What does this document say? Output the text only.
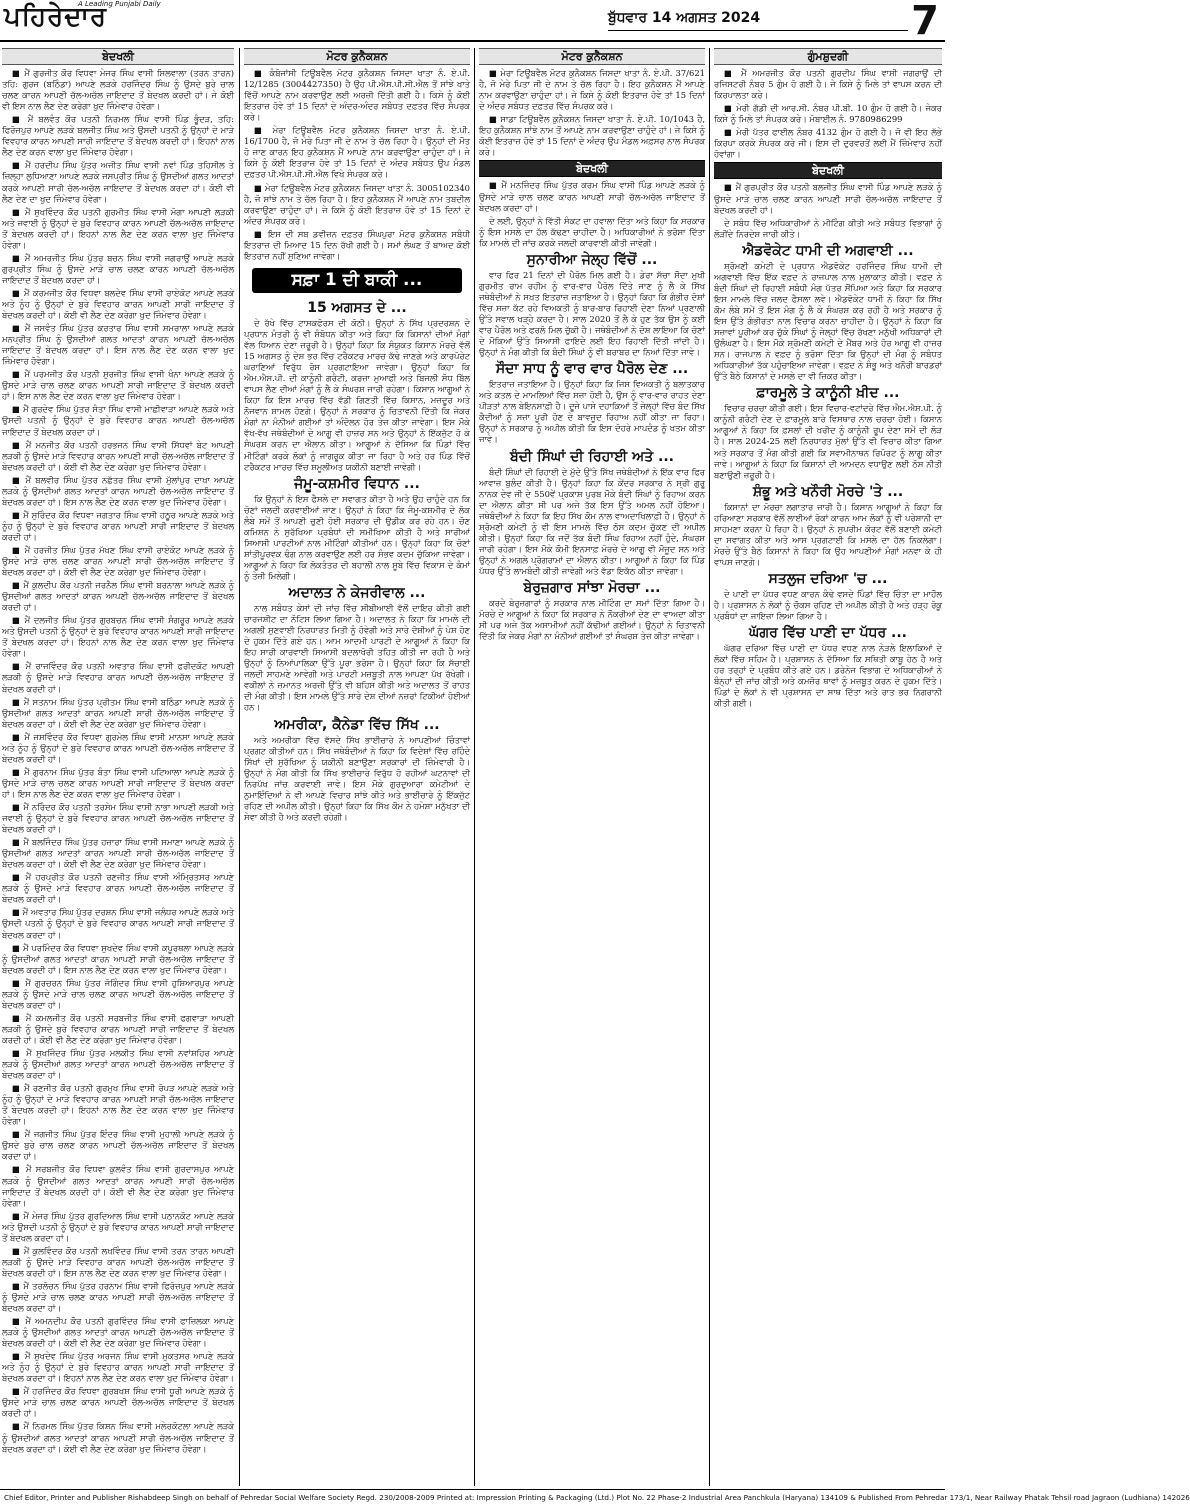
ਪਹਿਰੇਦਾਰ
A Leading Punjabi Daily
ਬੁੱਧਵਾਰ 14 ਅਗਸਤ 2024	7
ਬੇਦਖਲੀ
■ ਮੈਂ ਗੁਰਜੀਤ ਕੌਰ ਵਿਧਵਾ ਮੇਜਰ ਸਿੰਘ ਵਾਸੀ ਸਿਲਵਾਲਾ (ਤਰਨ ਤਾਰਨ) ਤਹਿ: ਗੁਰਜ (ਬਠਿੰਡਾ) ਆਪਣੇ ਲੜਕੇ ਹਰਜਿੰਦਰ ਸਿੰਘ ਨੂੰ ਉਸਦੇ ਬੁਰੇ ਚਾਲ ਚਲਣ ਕਾਰਨ ਆਪਣੀ ਚੱਲ-ਅਚੱਲ ਜਾਇਦਾਦ ਤੋਂ ਬੇਦਖਲ ਕਰਦੀ ਹਾਂ। ਜੇ ਕੋਈ ਵੀ ਇਸ ਨਾਲ ਲੈਣ ਦੇਣ ਕਰੇਗਾ ਖੁਦ ਜਿੰਮੇਵਾਰ ਹੋਵੇਗਾ।
■ ਮੈਂ ਬਲਵੰਤ ਕੌਰ ਪਤਨੀ ਨਿਰਮਲ ਸਿੰਘ ਵਾਸੀ ਪਿੰਡ ਭੂੰਦੜ, ਤਹਿ: ਫਿਰੋਜ਼ਪੁਰ ਆਪਣੇ ਲੜਕੇ ਬਲਜੀਤ ਸਿੰਘ ਅਤੇ ਉਸਦੀ ਪਤਨੀ ਨੂੰ ਉਨ੍ਹਾਂ ਦੇ ਮਾੜੇ ਵਿਵਹਾਰ ਕਾਰਨ ਆਪਣੀ ਸਾਰੀ ਜਾਇਦਾਦ ਤੋਂ ਬੇਦਖਲ ਕਰਦੀ ਹਾਂ। ਇਹਨਾਂ ਨਾਲ ਲੈਣ ਦੇਣ ਕਰਨ ਵਾਲਾ ਖੁਦ ਜਿੰਮੇਵਾਰ ਹੋਵੇਗਾ।
■ ਮੈਂ ਹਰਦੀਪ ਸਿੰਘ ਪੁੱਤਰ ਅਜੀਤ ਸਿੰਘ ਵਾਸੀ ਨਵਾਂ ਪਿੰਡ ਤਹਿਸੀਲ ਤੇ ਜ਼ਿਲ੍ਹਾ ਲੁਧਿਆਣਾ ਆਪਣੇ ਲੜਕੇ ਜਸਪ੍ਰੀਤ ਸਿੰਘ ਨੂੰ ਉਸਦੀਆਂ ਗਲਤ ਆਦਤਾਂ ਕਰਕੇ ਆਪਣੀ ਸਾਰੀ ਚੱਲ-ਅਚੱਲ ਜਾਇਦਾਦ ਤੋਂ ਬੇਦਖਲ ਕਰਦਾ ਹਾਂ। ਕੋਈ ਵੀ ਲੈਣ ਦੇਣ ਦਾ ਖੁਦ ਜਿੰਮੇਵਾਰ ਹੋਵੇਗਾ।
■ ਮੈਂ ਸੁਖਵਿੰਦਰ ਕੌਰ ਪਤਨੀ ਗੁਰਮੀਤ ਸਿੰਘ ਵਾਸੀ ਮੋਗਾ ਆਪਣੀ ਲੜਕੀ ਅਤੇ ਜਵਾਈ ਨੂੰ ਉਨ੍ਹਾਂ ਦੇ ਬੁਰੇ ਵਿਵਹਾਰ ਕਾਰਨ ਆਪਣੀ ਚੱਲ-ਅਚੱਲ ਜਾਇਦਾਦ ਤੋਂ ਬੇਦਖਲ ਕਰਦੀ ਹਾਂ। ਇਹਨਾਂ ਨਾਲ ਲੈਣ ਦੇਣ ਕਰਨ ਵਾਲਾ ਖੁਦ ਜਿੰਮੇਵਾਰ ਹੋਵੇਗਾ।
■ ਮੈਂ ਅਮਰਜੀਤ ਸਿੰਘ ਪੁੱਤਰ ਬਚਨ ਸਿੰਘ ਵਾਸੀ ਜਗਰਾਉਂ ਆਪਣੇ ਲੜਕੇ ਗੁਰਪ੍ਰੀਤ ਸਿੰਘ ਨੂੰ ਉਸਦੇ ਮਾੜੇ ਚਾਲ ਚਲਣ ਕਾਰਨ ਆਪਣੀ ਚੱਲ-ਅਚੱਲ ਜਾਇਦਾਦ ਤੋਂ ਬੇਦਖਲ ਕਰਦਾ ਹਾਂ।
■ ਮੈਂ ਕਰਮਜੀਤ ਕੌਰ ਵਿਧਵਾ ਬਲਦੇਵ ਸਿੰਘ ਵਾਸੀ ਰਾਏਕੋਟ ਆਪਣੇ ਲੜਕੇ ਅਤੇ ਨੂੰਹ ਨੂੰ ਉਨ੍ਹਾਂ ਦੇ ਬੁਰੇ ਵਿਵਹਾਰ ਕਾਰਨ ਆਪਣੀ ਸਾਰੀ ਜਾਇਦਾਦ ਤੋਂ ਬੇਦਖਲ ਕਰਦੀ ਹਾਂ। ਕੋਈ ਵੀ ਲੈਣ ਦੇਣ ਕਰੇਗਾ ਖੁਦ ਜਿੰਮੇਵਾਰ ਹੋਵੇਗਾ।
■ ਮੈਂ ਜਸਵੰਤ ਸਿੰਘ ਪੁੱਤਰ ਕਰਤਾਰ ਸਿੰਘ ਵਾਸੀ ਸਮਰਾਲਾ ਆਪਣੇ ਲੜਕੇ ਮਨਪ੍ਰੀਤ ਸਿੰਘ ਨੂੰ ਉਸਦੀਆਂ ਗਲਤ ਆਦਤਾਂ ਕਾਰਨ ਆਪਣੀ ਚੱਲ-ਅਚੱਲ ਜਾਇਦਾਦ ਤੋਂ ਬੇਦਖਲ ਕਰਦਾ ਹਾਂ। ਇਸ ਨਾਲ ਲੈਣ ਦੇਣ ਕਰਨ ਵਾਲਾ ਖੁਦ ਜਿੰਮੇਵਾਰ ਹੋਵੇਗਾ।
■ ਮੈਂ ਪਰਮਜੀਤ ਕੌਰ ਪਤਨੀ ਸੁਰਜੀਤ ਸਿੰਘ ਵਾਸੀ ਖੰਨਾ ਆਪਣੇ ਲੜਕੇ ਨੂੰ ਉਸਦੇ ਮਾੜੇ ਚਾਲ ਚਲਣ ਕਾਰਨ ਆਪਣੀ ਸਾਰੀ ਜਾਇਦਾਦ ਤੋਂ ਬੇਦਖਲ ਕਰਦੀ ਹਾਂ। ਇਸ ਨਾਲ ਲੈਣ ਦੇਣ ਕਰਨ ਵਾਲਾ ਖੁਦ ਜਿੰਮੇਵਾਰ ਹੋਵੇਗਾ।
■ ਮੈਂ ਗੁਰਦੇਵ ਸਿੰਘ ਪੁੱਤਰ ਸੰਤਾ ਸਿੰਘ ਵਾਸੀ ਮਾਛੀਵਾੜਾ ਆਪਣੇ ਲੜਕੇ ਅਤੇ ਉਸਦੀ ਪਤਨੀ ਨੂੰ ਉਨ੍ਹਾਂ ਦੇ ਬੁਰੇ ਵਿਵਹਾਰ ਕਾਰਨ ਆਪਣੀ ਚੱਲ-ਅਚੱਲ ਜਾਇਦਾਦ ਤੋਂ ਬੇਦਖਲ ਕਰਦਾ ਹਾਂ।
■ ਮੈਂ ਮਨਜੀਤ ਕੌਰ ਪਤਨੀ ਹਰਭਜਨ ਸਿੰਘ ਵਾਸੀ ਸਿੱਧਵਾਂ ਬੇਟ ਆਪਣੀ ਲੜਕੀ ਨੂੰ ਉਸਦੇ ਮਾੜੇ ਵਿਵਹਾਰ ਕਾਰਨ ਆਪਣੀ ਸਾਰੀ ਚੱਲ-ਅਚੱਲ ਜਾਇਦਾਦ ਤੋਂ ਬੇਦਖਲ ਕਰਦੀ ਹਾਂ। ਕੋਈ ਵੀ ਲੈਣ ਦੇਣ ਕਰੇਗਾ ਖੁਦ ਜਿੰਮੇਵਾਰ ਹੋਵੇਗਾ।
■ ਮੈਂ ਬਲਵੀਰ ਸਿੰਘ ਪੁੱਤਰ ਨਛੱਤਰ ਸਿੰਘ ਵਾਸੀ ਮੁੱਲਾਂਪੁਰ ਦਾਖਾ ਆਪਣੇ ਲੜਕੇ ਨੂੰ ਉਸਦੀਆਂ ਗਲਤ ਆਦਤਾਂ ਕਾਰਨ ਆਪਣੀ ਚੱਲ-ਅਚੱਲ ਜਾਇਦਾਦ ਤੋਂ ਬੇਦਖਲ ਕਰਦਾ ਹਾਂ। ਇਸ ਨਾਲ ਲੈਣ ਦੇਣ ਕਰਨ ਵਾਲਾ ਖੁਦ ਜਿੰਮੇਵਾਰ ਹੋਵੇਗਾ।
■ ਮੈਂ ਸੁਰਿੰਦਰ ਕੌਰ ਵਿਧਵਾ ਜਗਤਾਰ ਸਿੰਘ ਵਾਸੀ ਹਠੂਰ ਆਪਣੇ ਲੜਕੇ ਅਤੇ ਨੂੰਹ ਨੂੰ ਉਨ੍ਹਾਂ ਦੇ ਬੁਰੇ ਵਿਵਹਾਰ ਕਾਰਨ ਆਪਣੀ ਸਾਰੀ ਜਾਇਦਾਦ ਤੋਂ ਬੇਦਖਲ ਕਰਦੀ ਹਾਂ।
■ ਮੈਂ ਹਰਜੀਤ ਸਿੰਘ ਪੁੱਤਰ ਮੱਖਣ ਸਿੰਘ ਵਾਸੀ ਰਾਏਕੋਟ ਆਪਣੇ ਲੜਕੇ ਨੂੰ ਉਸਦੇ ਮਾੜੇ ਚਾਲ ਚਲਣ ਕਾਰਨ ਆਪਣੀ ਸਾਰੀ ਚੱਲ-ਅਚੱਲ ਜਾਇਦਾਦ ਤੋਂ ਬੇਦਖਲ ਕਰਦਾ ਹਾਂ। ਕੋਈ ਵੀ ਲੈਣ ਦੇਣ ਕਰੇਗਾ ਖੁਦ ਜਿੰਮੇਵਾਰ ਹੋਵੇਗਾ।
■ ਮੈਂ ਕੁਲਦੀਪ ਕੌਰ ਪਤਨੀ ਜਰਨੈਲ ਸਿੰਘ ਵਾਸੀ ਬਰਨਾਲਾ ਆਪਣੇ ਲੜਕੇ ਨੂੰ ਉਸਦੀਆਂ ਗਲਤ ਆਦਤਾਂ ਕਾਰਨ ਆਪਣੀ ਚੱਲ-ਅਚੱਲ ਜਾਇਦਾਦ ਤੋਂ ਬੇਦਖਲ ਕਰਦੀ ਹਾਂ।
■ ਮੈਂ ਦਲਜੀਤ ਸਿੰਘ ਪੁੱਤਰ ਗੁਰਬਚਨ ਸਿੰਘ ਵਾਸੀ ਸੰਗਰੂਰ ਆਪਣੇ ਲੜਕੇ ਅਤੇ ਉਸਦੀ ਪਤਨੀ ਨੂੰ ਉਨ੍ਹਾਂ ਦੇ ਬੁਰੇ ਵਿਵਹਾਰ ਕਾਰਨ ਆਪਣੀ ਸਾਰੀ ਜਾਇਦਾਦ ਤੋਂ ਬੇਦਖਲ ਕਰਦਾ ਹਾਂ। ਇਹਨਾਂ ਨਾਲ ਲੈਣ ਦੇਣ ਕਰਨ ਵਾਲਾ ਖੁਦ ਜਿੰਮੇਵਾਰ ਹੋਵੇਗਾ।
■ ਮੈਂ ਰਾਜਵਿੰਦਰ ਕੌਰ ਪਤਨੀ ਅਵਤਾਰ ਸਿੰਘ ਵਾਸੀ ਫਰੀਦਕੋਟ ਆਪਣੀ ਲੜਕੀ ਨੂੰ ਉਸਦੇ ਮਾੜੇ ਵਿਵਹਾਰ ਕਾਰਨ ਆਪਣੀ ਚੱਲ-ਅਚੱਲ ਜਾਇਦਾਦ ਤੋਂ ਬੇਦਖਲ ਕਰਦੀ ਹਾਂ।
■ ਮੈਂ ਸਤਨਾਮ ਸਿੰਘ ਪੁੱਤਰ ਪ੍ਰੀਤਮ ਸਿੰਘ ਵਾਸੀ ਬਠਿੰਡਾ ਆਪਣੇ ਲੜਕੇ ਨੂੰ ਉਸਦੀਆਂ ਗਲਤ ਆਦਤਾਂ ਕਾਰਨ ਆਪਣੀ ਸਾਰੀ ਚੱਲ-ਅਚੱਲ ਜਾਇਦਾਦ ਤੋਂ ਬੇਦਖਲ ਕਰਦਾ ਹਾਂ। ਕੋਈ ਵੀ ਲੈਣ ਦੇਣ ਕਰੇਗਾ ਖੁਦ ਜਿੰਮੇਵਾਰ ਹੋਵੇਗਾ।
■ ਮੈਂ ਜਸਵਿੰਦਰ ਕੌਰ ਵਿਧਵਾ ਗੁਰਮੇਲ ਸਿੰਘ ਵਾਸੀ ਮਾਨਸਾ ਆਪਣੇ ਲੜਕੇ ਅਤੇ ਨੂੰਹ ਨੂੰ ਉਨ੍ਹਾਂ ਦੇ ਬੁਰੇ ਵਿਵਹਾਰ ਕਾਰਨ ਆਪਣੀ ਚੱਲ-ਅਚੱਲ ਜਾਇਦਾਦ ਤੋਂ ਬੇਦਖਲ ਕਰਦੀ ਹਾਂ।
■ ਮੈਂ ਗੁਰਨਾਮ ਸਿੰਘ ਪੁੱਤਰ ਬੰਤਾ ਸਿੰਘ ਵਾਸੀ ਪਟਿਆਲਾ ਆਪਣੇ ਲੜਕੇ ਨੂੰ ਉਸਦੇ ਮਾੜੇ ਚਾਲ ਚਲਣ ਕਾਰਨ ਆਪਣੀ ਸਾਰੀ ਜਾਇਦਾਦ ਤੋਂ ਬੇਦਖਲ ਕਰਦਾ ਹਾਂ। ਇਸ ਨਾਲ ਲੈਣ ਦੇਣ ਕਰਨ ਵਾਲਾ ਖੁਦ ਜਿੰਮੇਵਾਰ ਹੋਵੇਗਾ।
■ ਮੈਂ ਨਰਿੰਦਰ ਕੌਰ ਪਤਨੀ ਤਰਸੇਮ ਸਿੰਘ ਵਾਸੀ ਨਾਭਾ ਆਪਣੀ ਲੜਕੀ ਅਤੇ ਜਵਾਈ ਨੂੰ ਉਨ੍ਹਾਂ ਦੇ ਬੁਰੇ ਵਿਵਹਾਰ ਕਾਰਨ ਆਪਣੀ ਚੱਲ-ਅਚੱਲ ਜਾਇਦਾਦ ਤੋਂ ਬੇਦਖਲ ਕਰਦੀ ਹਾਂ।
■ ਮੈਂ ਬਲਜਿੰਦਰ ਸਿੰਘ ਪੁੱਤਰ ਹਜ਼ਾਰਾ ਸਿੰਘ ਵਾਸੀ ਸਮਾਣਾ ਆਪਣੇ ਲੜਕੇ ਨੂੰ ਉਸਦੀਆਂ ਗਲਤ ਆਦਤਾਂ ਕਾਰਨ ਆਪਣੀ ਸਾਰੀ ਚੱਲ-ਅਚੱਲ ਜਾਇਦਾਦ ਤੋਂ ਬੇਦਖਲ ਕਰਦਾ ਹਾਂ। ਕੋਈ ਵੀ ਲੈਣ ਦੇਣ ਕਰੇਗਾ ਖੁਦ ਜਿੰਮੇਵਾਰ ਹੋਵੇਗਾ।
■ ਮੈਂ ਹਰਪ੍ਰੀਤ ਕੌਰ ਪਤਨੀ ਰਣਜੀਤ ਸਿੰਘ ਵਾਸੀ ਅੰਮ੍ਰਿਤਸਰ ਆਪਣੇ ਲੜਕੇ ਨੂੰ ਉਸਦੇ ਮਾੜੇ ਵਿਵਹਾਰ ਕਾਰਨ ਆਪਣੀ ਚੱਲ-ਅਚੱਲ ਜਾਇਦਾਦ ਤੋਂ ਬੇਦਖਲ ਕਰਦੀ ਹਾਂ।
■ ਮੈਂ ਅਵਤਾਰ ਸਿੰਘ ਪੁੱਤਰ ਦਰਸ਼ਨ ਸਿੰਘ ਵਾਸੀ ਜਲੰਧਰ ਆਪਣੇ ਲੜਕੇ ਅਤੇ ਉਸਦੀ ਪਤਨੀ ਨੂੰ ਉਨ੍ਹਾਂ ਦੇ ਬੁਰੇ ਵਿਵਹਾਰ ਕਾਰਨ ਆਪਣੀ ਸਾਰੀ ਜਾਇਦਾਦ ਤੋਂ ਬੇਦਖਲ ਕਰਦਾ ਹਾਂ।
■ ਮੈਂ ਪਰਮਿੰਦਰ ਕੌਰ ਵਿਧਵਾ ਸੁਖਦੇਵ ਸਿੰਘ ਵਾਸੀ ਕਪੂਰਥਲਾ ਆਪਣੇ ਲੜਕੇ ਨੂੰ ਉਸਦੀਆਂ ਗਲਤ ਆਦਤਾਂ ਕਾਰਨ ਆਪਣੀ ਸਾਰੀ ਚੱਲ-ਅਚੱਲ ਜਾਇਦਾਦ ਤੋਂ ਬੇਦਖਲ ਕਰਦੀ ਹਾਂ। ਇਸ ਨਾਲ ਲੈਣ ਦੇਣ ਕਰਨ ਵਾਲਾ ਖੁਦ ਜਿੰਮੇਵਾਰ ਹੋਵੇਗਾ।
■ ਮੈਂ ਗੁਰਚਰਨ ਸਿੰਘ ਪੁੱਤਰ ਜੋਗਿੰਦਰ ਸਿੰਘ ਵਾਸੀ ਹੁਸ਼ਿਆਰਪੁਰ ਆਪਣੇ ਲੜਕੇ ਨੂੰ ਉਸਦੇ ਮਾੜੇ ਚਾਲ ਚਲਣ ਕਾਰਨ ਆਪਣੀ ਚੱਲ-ਅਚੱਲ ਜਾਇਦਾਦ ਤੋਂ ਬੇਦਖਲ ਕਰਦਾ ਹਾਂ।
■ ਮੈਂ ਕਮਲਜੀਤ ਕੌਰ ਪਤਨੀ ਸਰਬਜੀਤ ਸਿੰਘ ਵਾਸੀ ਫਗਵਾੜਾ ਆਪਣੀ ਲੜਕੀ ਨੂੰ ਉਸਦੇ ਬੁਰੇ ਵਿਵਹਾਰ ਕਾਰਨ ਆਪਣੀ ਸਾਰੀ ਜਾਇਦਾਦ ਤੋਂ ਬੇਦਖਲ ਕਰਦੀ ਹਾਂ। ਕੋਈ ਵੀ ਲੈਣ ਦੇਣ ਕਰੇਗਾ ਖੁਦ ਜਿੰਮੇਵਾਰ ਹੋਵੇਗਾ।
■ ਮੈਂ ਸੁਖਜਿੰਦਰ ਸਿੰਘ ਪੁੱਤਰ ਮਲਕੀਤ ਸਿੰਘ ਵਾਸੀ ਨਵਾਂਸ਼ਹਿਰ ਆਪਣੇ ਲੜਕੇ ਨੂੰ ਉਸਦੀਆਂ ਗਲਤ ਆਦਤਾਂ ਕਾਰਨ ਆਪਣੀ ਚੱਲ-ਅਚੱਲ ਜਾਇਦਾਦ ਤੋਂ ਬੇਦਖਲ ਕਰਦਾ ਹਾਂ।
■ ਮੈਂ ਰਣਜੀਤ ਕੌਰ ਪਤਨੀ ਗੁਰਮੁਖ ਸਿੰਘ ਵਾਸੀ ਰੋਪੜ ਆਪਣੇ ਲੜਕੇ ਅਤੇ ਨੂੰਹ ਨੂੰ ਉਨ੍ਹਾਂ ਦੇ ਮਾੜੇ ਵਿਵਹਾਰ ਕਾਰਨ ਆਪਣੀ ਸਾਰੀ ਚੱਲ-ਅਚੱਲ ਜਾਇਦਾਦ ਤੋਂ ਬੇਦਖਲ ਕਰਦੀ ਹਾਂ। ਇਹਨਾਂ ਨਾਲ ਲੈਣ ਦੇਣ ਕਰਨ ਵਾਲਾ ਖੁਦ ਜਿੰਮੇਵਾਰ ਹੋਵੇਗਾ।
■ ਮੈਂ ਜਗਜੀਤ ਸਿੰਘ ਪੁੱਤਰ ਇੰਦਰ ਸਿੰਘ ਵਾਸੀ ਮੁਹਾਲੀ ਆਪਣੇ ਲੜਕੇ ਨੂੰ ਉਸਦੇ ਬੁਰੇ ਚਾਲ ਚਲਣ ਕਾਰਨ ਆਪਣੀ ਚੱਲ-ਅਚੱਲ ਜਾਇਦਾਦ ਤੋਂ ਬੇਦਖਲ ਕਰਦਾ ਹਾਂ।
■ ਮੈਂ ਸਰਬਜੀਤ ਕੌਰ ਵਿਧਵਾ ਕੁਲਵੰਤ ਸਿੰਘ ਵਾਸੀ ਗੁਰਦਾਸਪੁਰ ਆਪਣੇ ਲੜਕੇ ਨੂੰ ਉਸਦੀਆਂ ਗਲਤ ਆਦਤਾਂ ਕਾਰਨ ਆਪਣੀ ਸਾਰੀ ਚੱਲ-ਅਚੱਲ ਜਾਇਦਾਦ ਤੋਂ ਬੇਦਖਲ ਕਰਦੀ ਹਾਂ। ਕੋਈ ਵੀ ਲੈਣ ਦੇਣ ਕਰੇਗਾ ਖੁਦ ਜਿੰਮੇਵਾਰ ਹੋਵੇਗਾ।
■ ਮੈਂ ਮੇਜਰ ਸਿੰਘ ਪੁੱਤਰ ਗੁਰਦਿਆਲ ਸਿੰਘ ਵਾਸੀ ਪਠਾਨਕੋਟ ਆਪਣੇ ਲੜਕੇ ਅਤੇ ਉਸਦੀ ਪਤਨੀ ਨੂੰ ਉਨ੍ਹਾਂ ਦੇ ਬੁਰੇ ਵਿਵਹਾਰ ਕਾਰਨ ਆਪਣੀ ਸਾਰੀ ਜਾਇਦਾਦ ਤੋਂ ਬੇਦਖਲ ਕਰਦਾ ਹਾਂ।
■ ਮੈਂ ਕੁਲਵਿੰਦਰ ਕੌਰ ਪਤਨੀ ਲਖਵਿੰਦਰ ਸਿੰਘ ਵਾਸੀ ਤਰਨ ਤਾਰਨ ਆਪਣੀ ਲੜਕੀ ਨੂੰ ਉਸਦੇ ਮਾੜੇ ਵਿਵਹਾਰ ਕਾਰਨ ਆਪਣੀ ਚੱਲ-ਅਚੱਲ ਜਾਇਦਾਦ ਤੋਂ ਬੇਦਖਲ ਕਰਦੀ ਹਾਂ। ਇਸ ਨਾਲ ਲੈਣ ਦੇਣ ਕਰਨ ਵਾਲਾ ਖੁਦ ਜਿੰਮੇਵਾਰ ਹੋਵੇਗਾ।
■ ਮੈਂ ਤਰਲੋਚਨ ਸਿੰਘ ਪੁੱਤਰ ਹਰਨਾਮ ਸਿੰਘ ਵਾਸੀ ਫਿਰੋਜ਼ਪੁਰ ਆਪਣੇ ਲੜਕੇ ਨੂੰ ਉਸਦੇ ਮਾੜੇ ਚਾਲ ਚਲਣ ਕਾਰਨ ਆਪਣੀ ਸਾਰੀ ਚੱਲ-ਅਚੱਲ ਜਾਇਦਾਦ ਤੋਂ ਬੇਦਖਲ ਕਰਦਾ ਹਾਂ।
■ ਮੈਂ ਅਮਨਦੀਪ ਕੌਰ ਪਤਨੀ ਗੁਰਵਿੰਦਰ ਸਿੰਘ ਵਾਸੀ ਫਾਜ਼ਿਲਕਾ ਆਪਣੇ ਲੜਕੇ ਨੂੰ ਉਸਦੀਆਂ ਗਲਤ ਆਦਤਾਂ ਕਾਰਨ ਆਪਣੀ ਚੱਲ-ਅਚੱਲ ਜਾਇਦਾਦ ਤੋਂ ਬੇਦਖਲ ਕਰਦੀ ਹਾਂ। ਕੋਈ ਵੀ ਲੈਣ ਦੇਣ ਕਰੇਗਾ ਖੁਦ ਜਿੰਮੇਵਾਰ ਹੋਵੇਗਾ।
■ ਮੈਂ ਸੁਖਦੇਵ ਸਿੰਘ ਪੁੱਤਰ ਅਰਜਨ ਸਿੰਘ ਵਾਸੀ ਮੁਕਤਸਰ ਆਪਣੇ ਲੜਕੇ ਅਤੇ ਨੂੰਹ ਨੂੰ ਉਨ੍ਹਾਂ ਦੇ ਬੁਰੇ ਵਿਵਹਾਰ ਕਾਰਨ ਆਪਣੀ ਸਾਰੀ ਜਾਇਦਾਦ ਤੋਂ ਬੇਦਖਲ ਕਰਦਾ ਹਾਂ। ਇਹਨਾਂ ਨਾਲ ਲੈਣ ਦੇਣ ਕਰਨ ਵਾਲਾ ਖੁਦ ਜਿੰਮੇਵਾਰ ਹੋਵੇਗਾ।
■ ਮੈਂ ਹਰਜਿੰਦਰ ਕੌਰ ਵਿਧਵਾ ਗੁਰਬਖਸ਼ ਸਿੰਘ ਵਾਸੀ ਧੂਰੀ ਆਪਣੇ ਲੜਕੇ ਨੂੰ ਉਸਦੇ ਮਾੜੇ ਚਾਲ ਚਲਣ ਕਾਰਨ ਆਪਣੀ ਚੱਲ-ਅਚੱਲ ਜਾਇਦਾਦ ਤੋਂ ਬੇਦਖਲ ਕਰਦੀ ਹਾਂ।
■ ਮੈਂ ਨਿਰਮਲ ਸਿੰਘ ਪੁੱਤਰ ਕਿਸ਼ਨ ਸਿੰਘ ਵਾਸੀ ਮਲੇਰਕੋਟਲਾ ਆਪਣੇ ਲੜਕੇ ਨੂੰ ਉਸਦੀਆਂ ਗਲਤ ਆਦਤਾਂ ਕਾਰਨ ਆਪਣੀ ਸਾਰੀ ਚੱਲ-ਅਚੱਲ ਜਾਇਦਾਦ ਤੋਂ ਬੇਦਖਲ ਕਰਦਾ ਹਾਂ। ਕੋਈ ਵੀ ਲੈਣ ਦੇਣ ਕਰੇਗਾ ਖੁਦ ਜਿੰਮੇਵਾਰ ਹੋਵੇਗਾ।
ਮੋਟਰ ਕੁਨੈਕਸ਼ਨ
■ ਕੰਬੋਜਾਂਸੀ ਟਿਊਬਵੈਲ ਮੋਟਰ ਕੁਨੈਕਸ਼ਨ ਜਿਸਦਾ ਖਾਤਾ ਨੰ. ਏ.ਪੀ. 12/1285 (3004427350) ਹੈ ਉਹ ਪੀ.ਐਸ.ਪੀ.ਸੀ.ਐਲ ਤੋਂ ਸਾਂਝੇ ਖਾਤੇ ਵਿੱਚੋਂ ਆਪਣੇ ਨਾਮ ਕਰਵਾਉਣ ਲਈ ਅਰਜ਼ੀ ਦਿੱਤੀ ਗਈ ਹੈ। ਕਿਸੇ ਨੂੰ ਕੋਈ ਇਤਰਾਜ਼ ਹੋਵੇ ਤਾਂ 15 ਦਿਨਾਂ ਦੇ ਅੰਦਰ-ਅੰਦਰ ਸਬੰਧਤ ਦਫ਼ਤਰ ਵਿੱਚ ਸੰਪਰਕ ਕਰੇ।
■ ਮੇਰਾ ਟਿਊਬਵੈਲ ਮੋਟਰ ਕੁਨੈਕਸ਼ਨ ਜਿਸਦਾ ਖਾਤਾ ਨੰ. ਏ.ਪੀ. 16/1700 ਹੈ, ਜੋ ਮੇਰੇ ਪਿਤਾ ਜੀ ਦੇ ਨਾਮ ਤੇ ਚੱਲ ਰਿਹਾ ਹੈ। ਉਨ੍ਹਾਂ ਦੀ ਮੌਤ ਹੋ ਜਾਣ ਕਾਰਨ ਇਹ ਕੁਨੈਕਸ਼ਨ ਮੈਂ ਆਪਣੇ ਨਾਮ ਕਰਵਾਉਣਾ ਚਾਹੁੰਦਾ ਹਾਂ। ਜੇ ਕਿਸੇ ਨੂੰ ਕੋਈ ਇਤਰਾਜ਼ ਹੋਵੇ ਤਾਂ 15 ਦਿਨਾਂ ਦੇ ਅੰਦਰ ਸਬੰਧਤ ਉਪ ਮੰਡਲ ਦਫ਼ਤਰ ਪੀ.ਐਸ.ਪੀ.ਸੀ.ਐਲ ਵਿਖੇ ਸੰਪਰਕ ਕਰੇ।
■ ਮੇਰਾ ਟਿਊਬਵੈਲ ਮੋਟਰ ਕੁਨੈਕਸ਼ਨ ਜਿਸਦਾ ਖਾਤਾ ਨੰ. 3005102340 ਹੈ, ਜੋ ਸਾਂਝੇ ਨਾਮ ਤੇ ਚੱਲ ਰਿਹਾ ਹੈ। ਇਹ ਕੁਨੈਕਸ਼ਨ ਮੈਂ ਆਪਣੇ ਨਾਮ ਤਬਦੀਲ ਕਰਵਾਉਣਾ ਚਾਹੁੰਦਾ ਹਾਂ। ਜੇ ਕਿਸੇ ਨੂੰ ਕੋਈ ਇਤਰਾਜ਼ ਹੋਵੇ ਤਾਂ 15 ਦਿਨਾਂ ਦੇ ਅੰਦਰ ਸੰਪਰਕ ਕਰੇ।
■ ਇਸ ਦੀ ਸਬ ਡਵੀਜ਼ਨ ਦਫ਼ਤਰ ਸਿੰਘਪੁਰਾ ਮੋਟਰ ਕੁਨੈਕਸ਼ਨ ਸਬੰਧੀ ਇਤਰਾਜ਼ ਦੀ ਮਿਆਦ 15 ਦਿਨ ਰੱਖੀ ਗਈ ਹੈ। ਸਮਾਂ ਲੰਘਣ ਤੋਂ ਬਾਅਦ ਕੋਈ ਇਤਰਾਜ਼ ਨਹੀਂ ਸੁਣਿਆ ਜਾਵੇਗਾ।
ਸਫ਼ਾ 1 ਦੀ ਬਾਕੀ ...
15 ਅਗਸਤ ਦੇ ...
ਦੇ ਰੱਖੇ ਵਿੱਚ ਟਾਸਕਫੋਰਸ ਦੀ ਕੋਠੀ। ਉਨ੍ਹਾਂ ਨੇ ਸਿੱਖ ਪ੍ਰਦਰਸ਼ਨ ਦੇ ਪ੍ਰਧਾਨ ਮੰਤਰੀ ਨੂੰ ਵੀ ਸੰਬੋਧਨ ਕੀਤਾ ਅਤੇ ਕਿਹਾ ਕਿ ਕਿਸਾਨਾਂ ਦੀਆਂ ਮੰਗਾਂ ਵੱਲ ਧਿਆਨ ਦੇਣਾ ਜ਼ਰੂਰੀ ਹੈ। ਉਨ੍ਹਾਂ ਕਿਹਾ ਕਿ ਸੰਯੁਕਤ ਕਿਸਾਨ ਮੋਰਚੇ ਵੱਲੋਂ 15 ਅਗਸਤ ਨੂੰ ਦੇਸ਼ ਭਰ ਵਿੱਚ ਟਰੈਕਟਰ ਮਾਰਚ ਕੱਢੇ ਜਾਣਗੇ ਅਤੇ ਕਾਰਪੋਰੇਟ ਘਰਾਣਿਆਂ ਵਿਰੁੱਧ ਰੋਸ ਪ੍ਰਗਟਾਇਆ ਜਾਵੇਗਾ। ਉਨ੍ਹਾਂ ਕਿਹਾ ਕਿ ਐਮ.ਐਸ.ਪੀ. ਦੀ ਕਾਨੂੰਨੀ ਗਰੰਟੀ, ਕਰਜ਼ਾ ਮੁਆਫੀ ਅਤੇ ਬਿਜਲੀ ਸੋਧ ਬਿੱਲ ਵਾਪਸ ਲੈਣ ਦੀਆਂ ਮੰਗਾਂ ਨੂੰ ਲੈ ਕੇ ਸੰਘਰਸ਼ ਜਾਰੀ ਰਹੇਗਾ। ਕਿਸਾਨ ਆਗੂਆਂ ਨੇ ਕਿਹਾ ਕਿ ਇਸ ਮਾਰਚ ਵਿੱਚ ਵੱਡੀ ਗਿਣਤੀ ਵਿੱਚ ਕਿਸਾਨ, ਮਜ਼ਦੂਰ ਅਤੇ ਨੌਜਵਾਨ ਸ਼ਾਮਲ ਹੋਣਗੇ। ਉਨ੍ਹਾਂ ਨੇ ਸਰਕਾਰ ਨੂੰ ਚਿਤਾਵਨੀ ਦਿੱਤੀ ਕਿ ਜੇਕਰ ਮੰਗਾਂ ਨਾ ਮੰਨੀਆਂ ਗਈਆਂ ਤਾਂ ਅੰਦੋਲਨ ਹੋਰ ਤੇਜ਼ ਕੀਤਾ ਜਾਵੇਗਾ। ਇਸ ਮੌਕੇ ਵੱਖ-ਵੱਖ ਜਥੇਬੰਦੀਆਂ ਦੇ ਆਗੂ ਵੀ ਹਾਜ਼ਰ ਸਨ ਅਤੇ ਉਨ੍ਹਾਂ ਨੇ ਇੱਕਜੁੱਟ ਹੋ ਕੇ ਸੰਘਰਸ਼ ਕਰਨ ਦਾ ਐਲਾਨ ਕੀਤਾ। ਆਗੂਆਂ ਨੇ ਦੱਸਿਆ ਕਿ ਪਿੰਡਾਂ ਵਿੱਚ ਮੀਟਿੰਗਾਂ ਕਰਕੇ ਲੋਕਾਂ ਨੂੰ ਜਾਗਰੂਕ ਕੀਤਾ ਜਾ ਰਿਹਾ ਹੈ ਅਤੇ ਹਰ ਪਿੰਡ ਵਿੱਚੋਂ ਟਰੈਕਟਰ ਮਾਰਚ ਵਿੱਚ ਸ਼ਮੂਲੀਅਤ ਯਕੀਨੀ ਬਣਾਈ ਜਾਵੇਗੀ।
ਜੰਮੂ-ਕਸ਼ਮੀਰ ਵਿਧਾਨ ...
ਕਿ ਉਨ੍ਹਾਂ ਨੇ ਇਸ ਫੈਸਲੇ ਦਾ ਸਵਾਗਤ ਕੀਤਾ ਹੈ ਅਤੇ ਉਹ ਚਾਹੁੰਦੇ ਹਨ ਕਿ ਚੋਣਾਂ ਜਲਦੀ ਕਰਵਾਈਆਂ ਜਾਣ। ਉਨ੍ਹਾਂ ਨੇ ਕਿਹਾ ਕਿ ਜੰਮੂ-ਕਸ਼ਮੀਰ ਦੇ ਲੋਕ ਲੰਬੇ ਸਮੇਂ ਤੋਂ ਆਪਣੀ ਚੁਣੀ ਹੋਈ ਸਰਕਾਰ ਦੀ ਉਡੀਕ ਕਰ ਰਹੇ ਹਨ। ਚੋਣ ਕਮਿਸ਼ਨ ਨੇ ਸੁਰੱਖਿਆ ਪ੍ਰਬੰਧਾਂ ਦੀ ਸਮੀਖਿਆ ਕੀਤੀ ਹੈ ਅਤੇ ਸਾਰੀਆਂ ਸਿਆਸੀ ਪਾਰਟੀਆਂ ਨਾਲ ਮੀਟਿੰਗਾਂ ਕੀਤੀਆਂ ਹਨ। ਉਨ੍ਹਾਂ ਕਿਹਾ ਕਿ ਚੋਣਾਂ ਸ਼ਾਂਤੀਪੂਰਵਕ ਢੰਗ ਨਾਲ ਕਰਵਾਉਣ ਲਈ ਹਰ ਸੰਭਵ ਕਦਮ ਚੁੱਕਿਆ ਜਾਵੇਗਾ। ਆਗੂਆਂ ਨੇ ਕਿਹਾ ਕਿ ਲੋਕਤੰਤਰ ਦੀ ਬਹਾਲੀ ਨਾਲ ਸੂਬੇ ਵਿੱਚ ਵਿਕਾਸ ਦੇ ਕੰਮਾਂ ਨੂੰ ਤੇਜ਼ੀ ਮਿਲੇਗੀ।
ਅਦਾਲਤ ਨੇ ਕੇਜਰੀਵਾਲ ...
ਨਾਲ ਸਬੰਧਤ ਕੇਸਾਂ ਦੀ ਜਾਂਚ ਵਿੱਚ ਸੀਬੀਆਈ ਵੱਲੋਂ ਦਾਇਰ ਕੀਤੀ ਗਈ ਚਾਰਜਸ਼ੀਟ ਦਾ ਨੋਟਿਸ ਲਿਆ ਗਿਆ ਹੈ। ਅਦਾਲਤ ਨੇ ਕਿਹਾ ਕਿ ਮਾਮਲੇ ਦੀ ਅਗਲੀ ਸੁਣਵਾਈ ਨਿਰਧਾਰਤ ਮਿਤੀ ਨੂੰ ਹੋਵੇਗੀ ਅਤੇ ਸਾਰੇ ਦੋਸ਼ੀਆਂ ਨੂੰ ਪੇਸ਼ ਹੋਣ ਦੇ ਹੁਕਮ ਦਿੱਤੇ ਗਏ ਹਨ। ਆਮ ਆਦਮੀ ਪਾਰਟੀ ਦੇ ਆਗੂਆਂ ਨੇ ਕਿਹਾ ਕਿ ਇਹ ਸਾਰੀ ਕਾਰਵਾਈ ਸਿਆਸੀ ਬਦਲਾਖੋਰੀ ਤਹਿਤ ਕੀਤੀ ਜਾ ਰਹੀ ਹੈ ਅਤੇ ਉਨ੍ਹਾਂ ਨੂੰ ਨਿਆਂਪਾਲਿਕਾ ਉੱਤੇ ਪੂਰਾ ਭਰੋਸਾ ਹੈ। ਉਨ੍ਹਾਂ ਕਿਹਾ ਕਿ ਸੱਚਾਈ ਜਲਦੀ ਸਾਹਮਣੇ ਆਵੇਗੀ ਅਤੇ ਪਾਰਟੀ ਮਜ਼ਬੂਤੀ ਨਾਲ ਆਪਣਾ ਪੱਖ ਰੱਖੇਗੀ। ਵਕੀਲਾਂ ਨੇ ਜ਼ਮਾਨਤ ਅਰਜ਼ੀ ਉੱਤੇ ਵੀ ਬਹਿਸ ਕੀਤੀ ਅਤੇ ਅਦਾਲਤ ਤੋਂ ਰਾਹਤ ਦੀ ਮੰਗ ਕੀਤੀ। ਇਸ ਮਾਮਲੇ ਉੱਤੇ ਸਾਰੇ ਦੇਸ਼ ਦੀਆਂ ਨਜ਼ਰਾਂ ਟਿਕੀਆਂ ਹੋਈਆਂ ਹਨ।
ਅਮਰੀਕਾ, ਕੈਨੇਡਾ ਵਿੱਚ ਸਿੱਖ ...
ਅਤੇ ਅਮਰੀਕਾ ਵਿੱਚ ਵੱਸਦੇ ਸਿੱਖ ਭਾਈਚਾਰੇ ਨੇ ਆਪਣੀਆਂ ਚਿੰਤਾਵਾਂ ਪ੍ਰਗਟ ਕੀਤੀਆਂ ਹਨ। ਸਿੱਖ ਜਥੇਬੰਦੀਆਂ ਨੇ ਕਿਹਾ ਕਿ ਵਿਦੇਸ਼ਾਂ ਵਿੱਚ ਰਹਿੰਦੇ ਸਿੱਖਾਂ ਦੀ ਸੁਰੱਖਿਆ ਨੂੰ ਯਕੀਨੀ ਬਣਾਉਣਾ ਸਰਕਾਰਾਂ ਦੀ ਜ਼ਿੰਮੇਵਾਰੀ ਹੈ। ਉਨ੍ਹਾਂ ਨੇ ਮੰਗ ਕੀਤੀ ਕਿ ਸਿੱਖ ਭਾਈਚਾਰੇ ਵਿਰੁੱਧ ਹੋ ਰਹੀਆਂ ਘਟਨਾਵਾਂ ਦੀ ਨਿਰਪੱਖ ਜਾਂਚ ਕਰਵਾਈ ਜਾਵੇ। ਇਸ ਮੌਕੇ ਗੁਰਦੁਆਰਾ ਕਮੇਟੀਆਂ ਦੇ ਨੁਮਾਇੰਦਿਆਂ ਨੇ ਵੀ ਆਪਣੇ ਵਿਚਾਰ ਸਾਂਝੇ ਕੀਤੇ ਅਤੇ ਭਾਈਚਾਰੇ ਨੂੰ ਇੱਕਜੁੱਟ ਰਹਿਣ ਦੀ ਅਪੀਲ ਕੀਤੀ। ਉਨ੍ਹਾਂ ਕਿਹਾ ਕਿ ਸਿੱਖ ਕੌਮ ਨੇ ਹਮੇਸ਼ਾ ਮਨੁੱਖਤਾ ਦੀ ਸੇਵਾ ਕੀਤੀ ਹੈ ਅਤੇ ਕਰਦੀ ਰਹੇਗੀ।
ਮੋਟਰ ਕੁਨੈਕਸ਼ਨ
■ ਮੇਰਾ ਟਿਊਬਵੈਲ ਮੋਟਰ ਕੁਨੈਕਸ਼ਨ ਜਿਸਦਾ ਖਾਤਾ ਨੰ. ਏ.ਪੀ. 37/621 ਹੈ, ਜੋ ਮੇਰੇ ਪਿਤਾ ਜੀ ਦੇ ਨਾਮ ਤੇ ਚੱਲ ਰਿਹਾ ਹੈ। ਇਹ ਕੁਨੈਕਸ਼ਨ ਮੈਂ ਆਪਣੇ ਨਾਮ ਕਰਵਾਉਣਾ ਚਾਹੁੰਦਾ ਹਾਂ। ਜੇ ਕਿਸੇ ਨੂੰ ਕੋਈ ਇਤਰਾਜ਼ ਹੋਵੇ ਤਾਂ 15 ਦਿਨਾਂ ਦੇ ਅੰਦਰ ਸਬੰਧਤ ਦਫ਼ਤਰ ਵਿੱਚ ਸੰਪਰਕ ਕਰੇ।
■ ਸਾਡਾ ਟਿਊਬਵੈਲ ਕੁਨੈਕਸ਼ਨ ਜਿਸਦਾ ਖਾਤਾ ਨੰ. ਏ.ਪੀ. 10/1043 ਹੈ, ਇਹ ਕੁਨੈਕਸ਼ਨ ਸਾਂਝੇ ਨਾਮ ਤੋਂ ਆਪਣੇ ਨਾਮ ਕਰਵਾਉਣਾ ਚਾਹੁੰਦੇ ਹਾਂ। ਜੇ ਕਿਸੇ ਨੂੰ ਕੋਈ ਇਤਰਾਜ਼ ਹੋਵੇ ਤਾਂ 15 ਦਿਨਾਂ ਦੇ ਅੰਦਰ ਉਪ ਮੰਡਲ ਅਫ਼ਸਰ ਨਾਲ ਸੰਪਰਕ ਕਰੇ।
ਬੇਦਖਲੀ
■ ਮੈਂ ਮਨਜਿੰਦਰ ਸਿੰਘ ਪੁੱਤਰ ਕਰਮ ਸਿੰਘ ਵਾਸੀ ਪਿੰਡ ਆਪਣੇ ਲੜਕੇ ਨੂੰ ਉਸਦੇ ਮਾੜੇ ਚਾਲ ਚਲਣ ਕਾਰਨ ਆਪਣੀ ਸਾਰੀ ਚੱਲ-ਅਚੱਲ ਜਾਇਦਾਦ ਤੋਂ ਬੇਦਖਲ ਕਰਦਾ ਹਾਂ।
ਦੇ ਲਈ, ਉਨ੍ਹਾਂ ਨੇ ਵਿੱਤੀ ਸੰਕਟ ਦਾ ਹਵਾਲਾ ਦਿੱਤਾ ਅਤੇ ਕਿਹਾ ਕਿ ਸਰਕਾਰ ਨੂੰ ਇਸ ਮਸਲੇ ਦਾ ਹੱਲ ਕੱਢਣਾ ਚਾਹੀਦਾ ਹੈ। ਅਧਿਕਾਰੀਆਂ ਨੇ ਭਰੋਸਾ ਦਿੱਤਾ ਕਿ ਮਾਮਲੇ ਦੀ ਜਾਂਚ ਕਰਕੇ ਜਲਦੀ ਕਾਰਵਾਈ ਕੀਤੀ ਜਾਵੇਗੀ।
ਸੁਨਾਰੀਆ ਜੇਲ੍ਹ ਵਿੱਚੋਂ ...
ਵਾਰ ਫਿਰ 21 ਦਿਨਾਂ ਦੀ ਪੈਰੋਲ ਮਿਲ ਗਈ ਹੈ। ਡੇਰਾ ਸੱਚਾ ਸੌਦਾ ਮੁਖੀ ਗੁਰਮੀਤ ਰਾਮ ਰਹੀਮ ਨੂੰ ਵਾਰ-ਵਾਰ ਪੈਰੋਲ ਦਿੱਤੇ ਜਾਣ ਨੂੰ ਲੈ ਕੇ ਸਿੱਖ ਜਥੇਬੰਦੀਆਂ ਨੇ ਸਖ਼ਤ ਇਤਰਾਜ਼ ਜਤਾਇਆ ਹੈ। ਉਨ੍ਹਾਂ ਕਿਹਾ ਕਿ ਗੰਭੀਰ ਦੋਸ਼ਾਂ ਵਿੱਚ ਸਜ਼ਾ ਕੱਟ ਰਹੇ ਵਿਅਕਤੀ ਨੂੰ ਬਾਰ-ਬਾਰ ਰਿਹਾਈ ਦੇਣਾ ਨਿਆਂ ਪ੍ਰਣਾਲੀ ਉੱਤੇ ਸਵਾਲ ਖੜ੍ਹੇ ਕਰਦਾ ਹੈ। ਸਾਲ 2020 ਤੋਂ ਲੈ ਕੇ ਹੁਣ ਤੱਕ ਉਸ ਨੂੰ ਕਈ ਵਾਰ ਪੈਰੋਲ ਅਤੇ ਫਰਲੋ ਮਿਲ ਚੁੱਕੀ ਹੈ। ਜਥੇਬੰਦੀਆਂ ਨੇ ਦੋਸ਼ ਲਾਇਆ ਕਿ ਚੋਣਾਂ ਦੇ ਮੌਕਿਆਂ ਉੱਤੇ ਸਿਆਸੀ ਫਾਇਦੇ ਲਈ ਇਹ ਰਿਹਾਈ ਦਿੱਤੀ ਜਾਂਦੀ ਹੈ। ਉਨ੍ਹਾਂ ਨੇ ਮੰਗ ਕੀਤੀ ਕਿ ਬੰਦੀ ਸਿੰਘਾਂ ਨੂੰ ਵੀ ਬਰਾਬਰ ਦਾ ਨਿਆਂ ਦਿੱਤਾ ਜਾਵੇ।
ਸੌਦਾ ਸਾਧ ਨੂੰ ਵਾਰ ਵਾਰ ਪੈਰੋਲ ਦੇਣ ...
ਇਤਰਾਜ਼ ਜਤਾਇਆ ਹੈ। ਉਨ੍ਹਾਂ ਕਿਹਾ ਕਿ ਜਿਸ ਵਿਅਕਤੀ ਨੂੰ ਬਲਾਤਕਾਰ ਅਤੇ ਕਤਲ ਦੇ ਮਾਮਲਿਆਂ ਵਿੱਚ ਸਜ਼ਾ ਹੋਈ ਹੈ, ਉਸ ਨੂੰ ਵਾਰ-ਵਾਰ ਰਾਹਤ ਦੇਣਾ ਪੀੜਤਾਂ ਨਾਲ ਬੇਇਨਸਾਫ਼ੀ ਹੈ। ਦੂਜੇ ਪਾਸੇ ਦਹਾਕਿਆਂ ਤੋਂ ਜੇਲ੍ਹਾਂ ਵਿੱਚ ਬੰਦ ਸਿੱਖ ਕੈਦੀਆਂ ਨੂੰ ਸਜ਼ਾ ਪੂਰੀ ਹੋਣ ਦੇ ਬਾਵਜੂਦ ਰਿਹਾਅ ਨਹੀਂ ਕੀਤਾ ਜਾ ਰਿਹਾ। ਉਨ੍ਹਾਂ ਨੇ ਸਰਕਾਰ ਨੂੰ ਅਪੀਲ ਕੀਤੀ ਕਿ ਇਸ ਦੋਹਰੇ ਮਾਪਦੰਡ ਨੂੰ ਖਤਮ ਕੀਤਾ ਜਾਵੇ।
ਬੰਦੀ ਸਿੰਘਾਂ ਦੀ ਰਿਹਾਈ ਅਤੇ ...
ਬੰਦੀ ਸਿੰਘਾਂ ਦੀ ਰਿਹਾਈ ਦੇ ਮੁੱਦੇ ਉੱਤੇ ਸਿੱਖ ਜਥੇਬੰਦੀਆਂ ਨੇ ਇੱਕ ਵਾਰ ਫਿਰ ਆਵਾਜ਼ ਬੁਲੰਦ ਕੀਤੀ ਹੈ। ਉਨ੍ਹਾਂ ਕਿਹਾ ਕਿ ਕੇਂਦਰ ਸਰਕਾਰ ਨੇ ਸ੍ਰੀ ਗੁਰੂ ਨਾਨਕ ਦੇਵ ਜੀ ਦੇ 550ਵੇਂ ਪ੍ਰਕਾਸ਼ ਪੁਰਬ ਮੌਕੇ ਬੰਦੀ ਸਿੰਘਾਂ ਨੂੰ ਰਿਹਾਅ ਕਰਨ ਦਾ ਐਲਾਨ ਕੀਤਾ ਸੀ ਪਰ ਅਜੇ ਤੱਕ ਇਸ ਉੱਤੇ ਅਮਲ ਨਹੀਂ ਹੋਇਆ। ਜਥੇਬੰਦੀਆਂ ਨੇ ਕਿਹਾ ਕਿ ਇਹ ਸਿੱਖ ਕੌਮ ਨਾਲ ਵਾਅਦਾਖਿਲਾਫ਼ੀ ਹੈ। ਉਨ੍ਹਾਂ ਨੇ ਸ਼੍ਰੋਮਣੀ ਕਮੇਟੀ ਨੂੰ ਵੀ ਇਸ ਮਾਮਲੇ ਵਿੱਚ ਠੋਸ ਕਦਮ ਚੁੱਕਣ ਦੀ ਅਪੀਲ ਕੀਤੀ। ਉਨ੍ਹਾਂ ਕਿਹਾ ਕਿ ਜਦੋਂ ਤੱਕ ਬੰਦੀ ਸਿੰਘ ਰਿਹਾਅ ਨਹੀਂ ਹੁੰਦੇ, ਸੰਘਰਸ਼ ਜਾਰੀ ਰਹੇਗਾ। ਇਸ ਮੌਕੇ ਕੌਮੀ ਇਨਸਾਫ਼ ਮੋਰਚੇ ਦੇ ਆਗੂ ਵੀ ਮੌਜੂਦ ਸਨ ਅਤੇ ਉਨ੍ਹਾਂ ਨੇ ਅਗਲੇ ਪ੍ਰੋਗਰਾਮਾਂ ਦਾ ਐਲਾਨ ਕੀਤਾ। ਆਗੂਆਂ ਨੇ ਕਿਹਾ ਕਿ ਪਿੰਡ ਪੱਧਰ ਉੱਤੇ ਲਾਮਬੰਦੀ ਕੀਤੀ ਜਾਵੇਗੀ ਅਤੇ ਵੱਡਾ ਇਕੱਠ ਕੀਤਾ ਜਾਵੇਗਾ।
ਬੇਰੁਜ਼ਗਾਰ ਸਾਂਝਾ ਮੋਰਚਾ ...
ਕਰਦੇ ਬੇਰੁਜ਼ਗਾਰਾਂ ਨੂੰ ਸਰਕਾਰ ਨਾਲ ਮੀਟਿੰਗ ਦਾ ਸਮਾਂ ਦਿੱਤਾ ਗਿਆ ਹੈ। ਮੋਰਚੇ ਦੇ ਆਗੂਆਂ ਨੇ ਕਿਹਾ ਕਿ ਸਰਕਾਰ ਨੇ ਨੌਕਰੀਆਂ ਦੇਣ ਦਾ ਵਾਅਦਾ ਕੀਤਾ ਸੀ ਪਰ ਅਜੇ ਤੱਕ ਅਸਾਮੀਆਂ ਨਹੀਂ ਕੱਢੀਆਂ ਗਈਆਂ। ਉਨ੍ਹਾਂ ਨੇ ਚਿਤਾਵਨੀ ਦਿੱਤੀ ਕਿ ਜੇਕਰ ਮੰਗਾਂ ਨਾ ਮੰਨੀਆਂ ਗਈਆਂ ਤਾਂ ਸੰਘਰਸ਼ ਤੇਜ਼ ਕੀਤਾ ਜਾਵੇਗਾ।
ਗੁੰਮਸ਼ੁਦਗੀ
■ ਮੈਂ ਅਮਰਜੀਤ ਕੌਰ ਪਤਨੀ ਗੁਰਦੀਪ ਸਿੰਘ ਵਾਸੀ ਜਗਰਾਉਂ ਦੀ ਰਜਿਸਟਰੀ ਨੰਬਰ 5 ਗੁੰਮ ਹੋ ਗਈ ਹੈ। ਜੇ ਕਿਸੇ ਨੂੰ ਮਿਲੇ ਤਾਂ ਵਾਪਸ ਕਰਨ ਦੀ ਕਿਰਪਾਲਤਾ ਕਰੇ।
■ ਮੇਰੀ ਗੱਡੀ ਦੀ ਆਰ.ਸੀ. ਨੰਬਰ ਪੀ.ਬੀ. 10 ਗੁੰਮ ਹੋ ਗਈ ਹੈ। ਜੇਕਰ ਕਿਸੇ ਨੂੰ ਮਿਲੇ ਤਾਂ ਸੰਪਰਕ ਕਰੇ। ਮੋਬਾਈਲ ਨੰ. 9780986299
■ ਮੇਰੀ ਪੱਤਰ ਫਾਈਲ ਨੰਬਰ 4132 ਗੁੰਮ ਹੋ ਗਈ ਹੈ। ਜੋ ਵੀ ਇਹ ਲੱਭੇ ਕਿਰਪਾ ਕਰਕੇ ਸੰਪਰਕ ਕਰੇ ਜੀ। ਇਸ ਦੀ ਦੁਰਵਰਤੋਂ ਲਈ ਮੈਂ ਜ਼ਿੰਮੇਵਾਰ ਨਹੀਂ ਹੋਵਾਂਗਾ।
ਬੇਦਖਲੀ
■ ਮੈਂ ਗੁਰਪ੍ਰੀਤ ਕੌਰ ਪਤਨੀ ਬਲਜੀਤ ਸਿੰਘ ਵਾਸੀ ਪਿੰਡ ਆਪਣੇ ਲੜਕੇ ਨੂੰ ਉਸਦੇ ਮਾੜੇ ਚਾਲ ਚਲਣ ਕਾਰਨ ਆਪਣੀ ਸਾਰੀ ਚੱਲ-ਅਚੱਲ ਜਾਇਦਾਦ ਤੋਂ ਬੇਦਖਲ ਕਰਦੀ ਹਾਂ।
ਦੇ ਸਬੰਧ ਵਿੱਚ ਅਧਿਕਾਰੀਆਂ ਨੇ ਮੀਟਿੰਗ ਕੀਤੀ ਅਤੇ ਸਬੰਧਤ ਵਿਭਾਗਾਂ ਨੂੰ ਲੋੜੀਂਦੇ ਨਿਰਦੇਸ਼ ਜਾਰੀ ਕੀਤੇ।
ਐਡਵੋਕੇਟ ਧਾਮੀ ਦੀ ਅਗਵਾਈ ...
ਸ਼੍ਰੋਮਣੀ ਕਮੇਟੀ ਦੇ ਪ੍ਰਧਾਨ ਐਡਵੋਕੇਟ ਹਰਜਿੰਦਰ ਸਿੰਘ ਧਾਮੀ ਦੀ ਅਗਵਾਈ ਵਿੱਚ ਇੱਕ ਵਫ਼ਦ ਨੇ ਰਾਜਪਾਲ ਨਾਲ ਮੁਲਾਕਾਤ ਕੀਤੀ। ਵਫ਼ਦ ਨੇ ਬੰਦੀ ਸਿੰਘਾਂ ਦੀ ਰਿਹਾਈ ਸਬੰਧੀ ਮੰਗ ਪੱਤਰ ਸੌਂਪਿਆ ਅਤੇ ਕਿਹਾ ਕਿ ਸਰਕਾਰ ਇਸ ਮਾਮਲੇ ਵਿੱਚ ਜਲਦ ਫੈਸਲਾ ਲਵੇ। ਐਡਵੋਕੇਟ ਧਾਮੀ ਨੇ ਕਿਹਾ ਕਿ ਸਿੱਖ ਕੌਮ ਲੰਬੇ ਸਮੇਂ ਤੋਂ ਇਸ ਮੰਗ ਨੂੰ ਲੈ ਕੇ ਸੰਘਰਸ਼ ਕਰ ਰਹੀ ਹੈ ਅਤੇ ਸਰਕਾਰ ਨੂੰ ਇਸ ਉੱਤੇ ਗੰਭੀਰਤਾ ਨਾਲ ਵਿਚਾਰ ਕਰਨਾ ਚਾਹੀਦਾ ਹੈ। ਉਨ੍ਹਾਂ ਨੇ ਕਿਹਾ ਕਿ ਸਜ਼ਾਵਾਂ ਪੂਰੀਆਂ ਕਰ ਚੁੱਕੇ ਸਿੰਘਾਂ ਨੂੰ ਜੇਲ੍ਹਾਂ ਵਿੱਚ ਰੱਖਣਾ ਮਨੁੱਖੀ ਅਧਿਕਾਰਾਂ ਦੀ ਉਲੰਘਣਾ ਹੈ। ਇਸ ਮੌਕੇ ਸ਼੍ਰੋਮਣੀ ਕਮੇਟੀ ਦੇ ਮੈਂਬਰ ਅਤੇ ਹੋਰ ਆਗੂ ਵੀ ਹਾਜ਼ਰ ਸਨ। ਰਾਜਪਾਲ ਨੇ ਵਫ਼ਦ ਨੂੰ ਭਰੋਸਾ ਦਿੱਤਾ ਕਿ ਉਨ੍ਹਾਂ ਦੀ ਮੰਗ ਨੂੰ ਸਬੰਧਤ ਅਧਿਕਾਰੀਆਂ ਤੱਕ ਪਹੁੰਚਾਇਆ ਜਾਵੇਗਾ। ਵਫ਼ਦ ਨੇ ਸ਼ੰਭੂ ਅਤੇ ਖਨੌਰੀ ਬਾਰਡਰਾਂ ਉੱਤੇ ਬੈਠੇ ਕਿਸਾਨਾਂ ਦੇ ਮਸਲੇ ਦਾ ਵੀ ਜ਼ਿਕਰ ਕੀਤਾ।
ਫ਼ਾਰਮੂਲੇ ਤੇ ਕਾਨੂੰਨੀ ਖ਼ੀਦ ...
ਵਿਚਾਰ ਚਰਚਾ ਕੀਤੀ ਗਈ। ਇਸ ਵਿਚਾਰ-ਵਟਾਂਦਰੇ ਵਿੱਚ ਐਮ.ਐਸ.ਪੀ. ਨੂੰ ਕਾਨੂੰਨੀ ਗਰੰਟੀ ਦੇਣ ਦੇ ਫ਼ਾਰਮੂਲੇ ਬਾਰੇ ਵਿਸਥਾਰ ਨਾਲ ਚਰਚਾ ਹੋਈ। ਕਿਸਾਨ ਆਗੂਆਂ ਨੇ ਕਿਹਾ ਕਿ ਫ਼ਸਲਾਂ ਦੀ ਖ਼ਰੀਦ ਨੂੰ ਕਾਨੂੰਨੀ ਰੂਪ ਦੇਣਾ ਸਮੇਂ ਦੀ ਲੋੜ ਹੈ। ਸਾਲ 2024-25 ਲਈ ਨਿਰਧਾਰਤ ਮੁੱਲਾਂ ਉੱਤੇ ਵੀ ਵਿਚਾਰ ਕੀਤਾ ਗਿਆ ਅਤੇ ਸਰਕਾਰ ਤੋਂ ਮੰਗ ਕੀਤੀ ਗਈ ਕਿ ਸਵਾਮੀਨਾਥਨ ਰਿਪੋਰਟ ਨੂੰ ਲਾਗੂ ਕੀਤਾ ਜਾਵੇ। ਆਗੂਆਂ ਨੇ ਕਿਹਾ ਕਿ ਕਿਸਾਨਾਂ ਦੀ ਆਮਦਨ ਵਧਾਉਣ ਲਈ ਠੋਸ ਨੀਤੀ ਬਣਾਉਣੀ ਜ਼ਰੂਰੀ ਹੈ।
ਸ਼ੰਭੂ ਅਤੇ ਖਨੌਰੀ ਮੋਰਚੇ 'ਤੇ ...
ਕਿਸਾਨਾਂ ਦਾ ਮੋਰਚਾ ਲਗਾਤਾਰ ਜਾਰੀ ਹੈ। ਕਿਸਾਨ ਆਗੂਆਂ ਨੇ ਕਿਹਾ ਕਿ ਹਰਿਆਣਾ ਸਰਕਾਰ ਵੱਲੋਂ ਲਾਈਆਂ ਰੋਕਾਂ ਕਾਰਨ ਆਮ ਲੋਕਾਂ ਨੂੰ ਵੀ ਪਰੇਸ਼ਾਨੀ ਦਾ ਸਾਹਮਣਾ ਕਰਨਾ ਪੈ ਰਿਹਾ ਹੈ। ਉਨ੍ਹਾਂ ਨੇ ਸੁਪਰੀਮ ਕੋਰਟ ਵੱਲੋਂ ਬਣਾਈ ਕਮੇਟੀ ਦਾ ਸਵਾਗਤ ਕੀਤਾ ਅਤੇ ਆਸ ਪ੍ਰਗਟਾਈ ਕਿ ਮਸਲੇ ਦਾ ਹੱਲ ਨਿਕਲੇਗਾ। ਮੋਰਚੇ ਉੱਤੇ ਬੈਠੇ ਕਿਸਾਨਾਂ ਨੇ ਕਿਹਾ ਕਿ ਉਹ ਆਪਣੀਆਂ ਮੰਗਾਂ ਮਨਵਾ ਕੇ ਹੀ ਵਾਪਸ ਜਾਣਗੇ।
ਸਤਲੁਜ ਦਰਿਆ 'ਚ ...
ਦੇ ਪਾਣੀ ਦਾ ਪੱਧਰ ਵਧਣ ਕਾਰਨ ਕੰਢੇ ਵਸਦੇ ਪਿੰਡਾਂ ਵਿੱਚ ਚਿੰਤਾ ਦਾ ਮਾਹੌਲ ਹੈ। ਪ੍ਰਸ਼ਾਸਨ ਨੇ ਲੋਕਾਂ ਨੂੰ ਚੌਕਸ ਰਹਿਣ ਦੀ ਅਪੀਲ ਕੀਤੀ ਹੈ ਅਤੇ ਹੜ੍ਹ ਰੋਕੂ ਪ੍ਰਬੰਧਾਂ ਦਾ ਜਾਇਜ਼ਾ ਲਿਆ ਗਿਆ ਹੈ।
ਘੱਗਰ ਵਿੱਚ ਪਾਣੀ ਦਾ ਪੱਧਰ ...
ਘੱਗਰ ਦਰਿਆ ਵਿੱਚ ਪਾਣੀ ਦਾ ਪੱਧਰ ਵਧਣ ਨਾਲ ਨੇੜਲੇ ਇਲਾਕਿਆਂ ਦੇ ਲੋਕਾਂ ਵਿੱਚ ਸਹਿਮ ਹੈ। ਪ੍ਰਸ਼ਾਸਨ ਨੇ ਦੱਸਿਆ ਕਿ ਸਥਿਤੀ ਕਾਬੂ ਹੇਠ ਹੈ ਅਤੇ ਹਰ ਤਰ੍ਹਾਂ ਦੇ ਪ੍ਰਬੰਧ ਕੀਤੇ ਗਏ ਹਨ। ਡਰੇਨੇਜ ਵਿਭਾਗ ਦੇ ਅਧਿਕਾਰੀਆਂ ਨੇ ਬੰਨ੍ਹਾਂ ਦੀ ਜਾਂਚ ਕੀਤੀ ਅਤੇ ਕਮਜ਼ੋਰ ਥਾਵਾਂ ਨੂੰ ਮਜ਼ਬੂਤ ਕਰਨ ਦੇ ਹੁਕਮ ਦਿੱਤੇ। ਪਿੰਡਾਂ ਦੇ ਲੋਕਾਂ ਨੇ ਵੀ ਪ੍ਰਸ਼ਾਸਨ ਦਾ ਸਾਥ ਦਿੱਤਾ ਅਤੇ ਰਾਤ ਭਰ ਨਿਗਰਾਨੀ ਕੀਤੀ ਗਈ।
Chief Editor, Printer and Publisher Rishabdeep Singh on behalf of Pehredar Social Welfare Society Regd. 230/2008-2009 Printed at: Impression Printing & Packaging (Ltd.) Plot No. 22 Phase-2 Industrial Area Panchkula (Haryana) 134109 & Published From Pehredar 173/1, Near Railway Phatak Tehsil road Jagraon (Ludhiana) 142026
